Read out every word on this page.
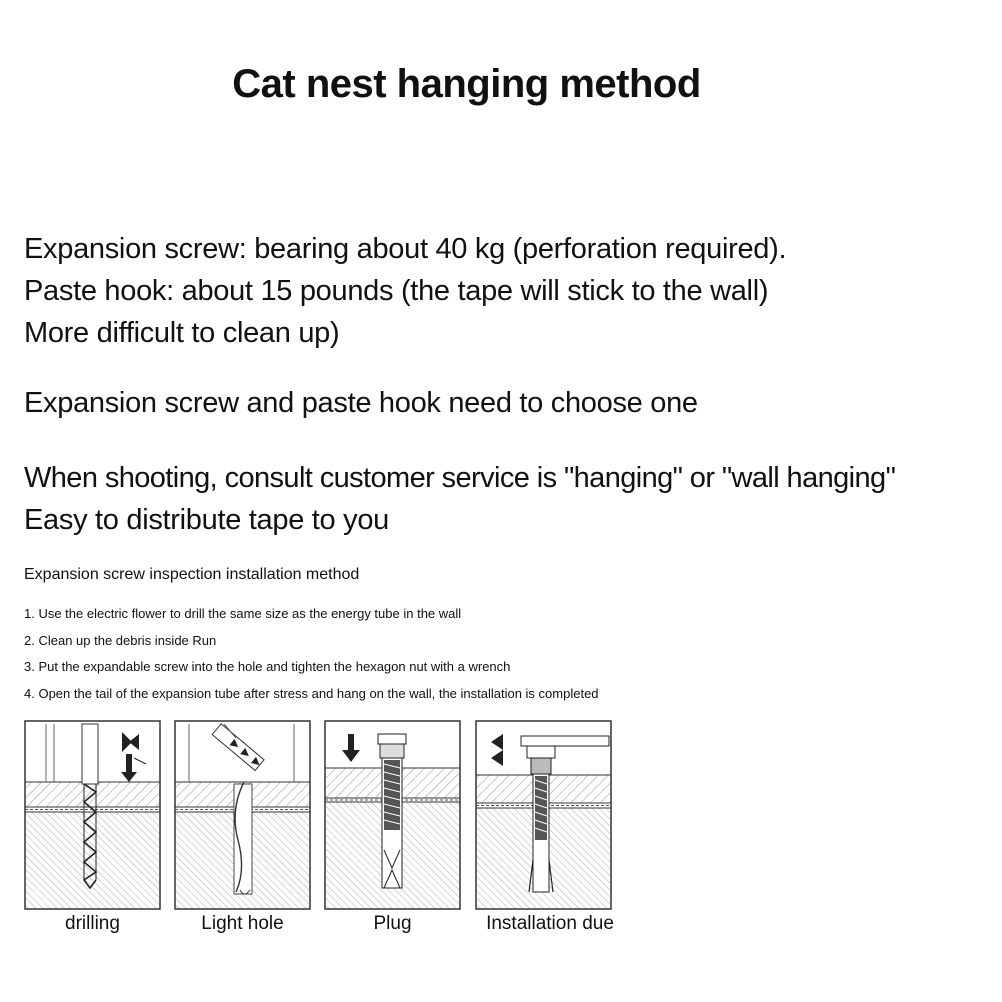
Cat nest hanging method
Expansion screw: bearing about 40 kg (perforation required).
Paste hook: about 15 pounds (the tape will stick to the wall)
More difficult to clean up)
Expansion screw and paste hook need to choose one
When shooting, consult customer service is "hanging" or "wall hanging"
Easy to distribute tape to you
Expansion screw inspection installation method
1. Use the electric flower to drill the same size as the energy tube in the wall
2. Clean up the debris inside Run
3. Put the expandable screw into the hole and tighten the hexagon nut with a wrench
4. Open the tail of the expansion tube after stress and hang on the wall, the installation is completed
drilling	Light hole	Plug	Installation due
